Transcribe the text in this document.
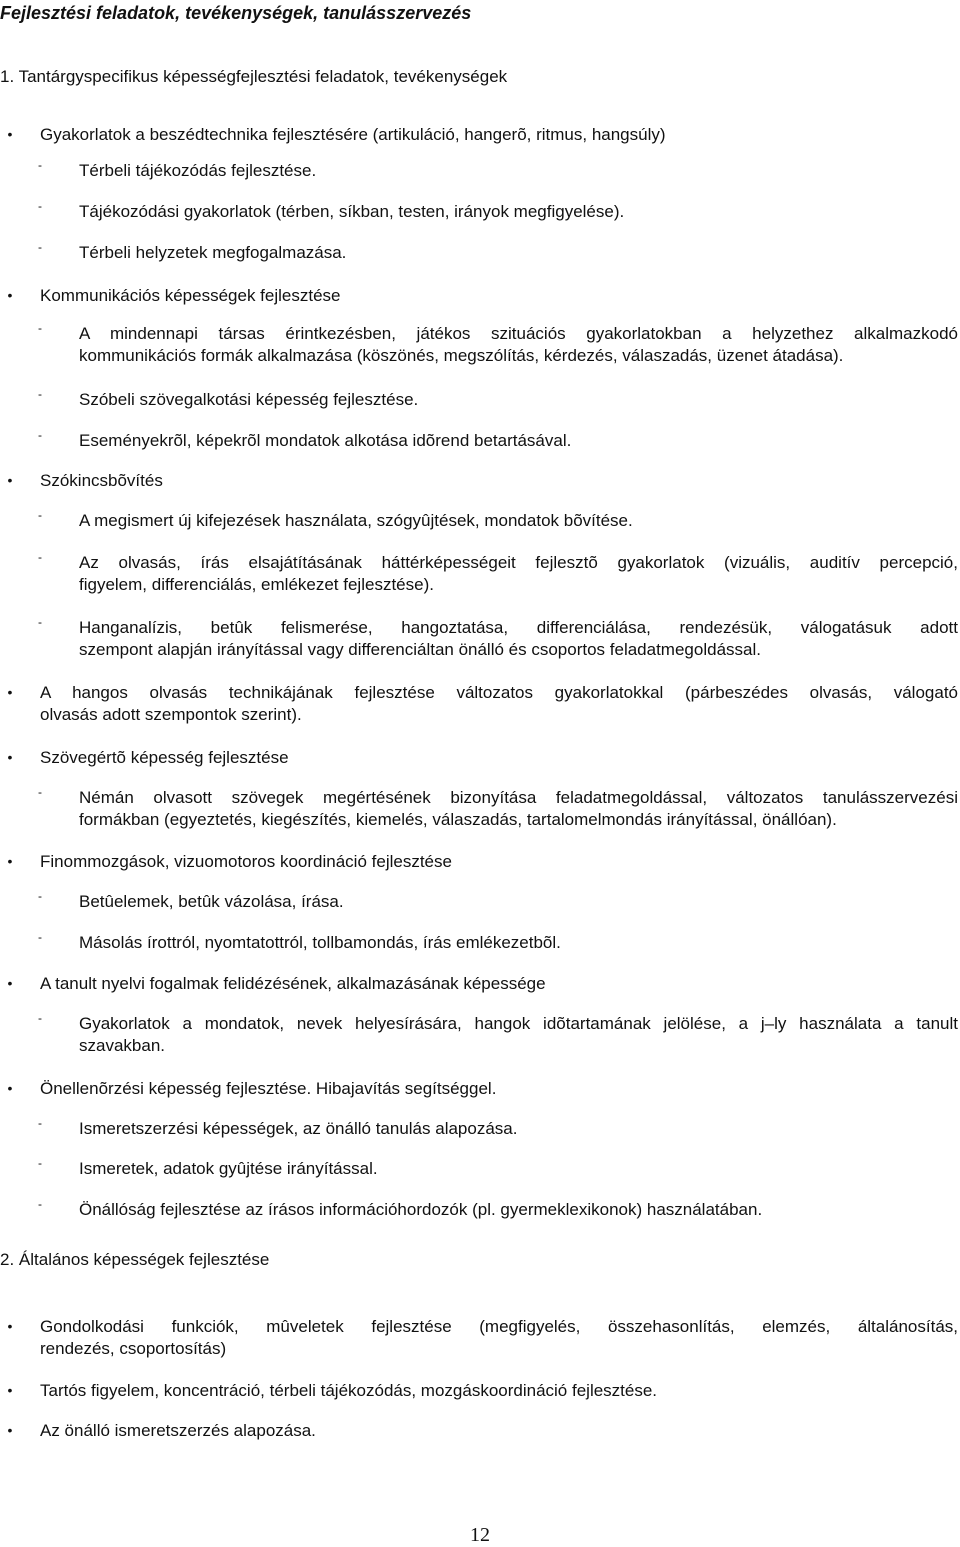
Fejlesztési feladatok, tevékenységek, tanulásszervezés
1. Tantárgyspecifikus képességfejlesztési feladatok, tevékenységek
•	Gyakorlatok a beszédtechnika fejlesztésére (artikuláció, hangerõ, ritmus, hangsúly)
- Térbeli tájékozódás fejlesztése.
- Tájékozódási gyakorlatok (térben, síkban, testen, irányok megfigyelése).
- Térbeli helyzetek megfogalmazása.
•	Kommunikációs képességek fejlesztése
- A mindennapi társas érintkezésben, játékos szituációs gyakorlatokban a helyzethez alkalmazkodó
kommunikációs formák alkalmazása (köszönés, megszólítás, kérdezés, válaszadás, üzenet átadása).
- Szóbeli szövegalkotási képesség fejlesztése.
- Eseményekrõl, képekrõl mondatok alkotása idõrend betartásával.
•	Szókincsbõvítés
- A megismert új kifejezések használata, szógyûjtések, mondatok bõvítése.
- Az olvasás, írás elsajátításának háttérképességeit fejlesztõ gyakorlatok (vizuális, auditív percepció,
figyelem, differenciálás, emlékezet fejlesztése).
- Hanganalízis, betûk felismerése, hangoztatása, differenciálása, rendezésük, válogatásuk adott
szempont alapján irányítással vagy differenciáltan önálló és csoportos feladatmegoldással.
•	A hangos olvasás technikájának fejlesztése változatos gyakorlatokkal (párbeszédes olvasás, válogató
olvasás adott szempontok szerint).
•	Szövegértõ képesség fejlesztése
- Némán olvasott szövegek megértésének bizonyítása feladatmegoldással, változatos tanulásszervezési
formákban (egyeztetés, kiegészítés, kiemelés, válaszadás, tartalomelmondás irányítással, önállóan).
•	Finommozgások, vizuomotoros koordináció fejlesztése
- Betûelemek, betûk vázolása, írása.
- Másolás írottról, nyomtatottról, tollbamondás, írás emlékezetbõl.
•	A tanult nyelvi fogalmak felidézésének, alkalmazásának képessége
- Gyakorlatok a mondatok, nevek helyesírására, hangok idõtartamának jelölése, a j–ly használata a tanult
szavakban.
•	Önellenõrzési képesség fejlesztése. Hibajavítás segítséggel.
- Ismeretszerzési képességek, az önálló tanulás alapozása.
- Ismeretek, adatok gyûjtése irányítással.
- Önállóság fejlesztése az írásos információhordozók (pl. gyermeklexikonok) használatában.
2. Általános képességek fejlesztése
•	Gondolkodási funkciók, mûveletek fejlesztése (megfigyelés, összehasonlítás, elemzés, általánosítás,
rendezés, csoportosítás)
•	Tartós figyelem, koncentráció, térbeli tájékozódás, mozgáskoordináció fejlesztése.
•	Az önálló ismeretszerzés alapozása.
12
